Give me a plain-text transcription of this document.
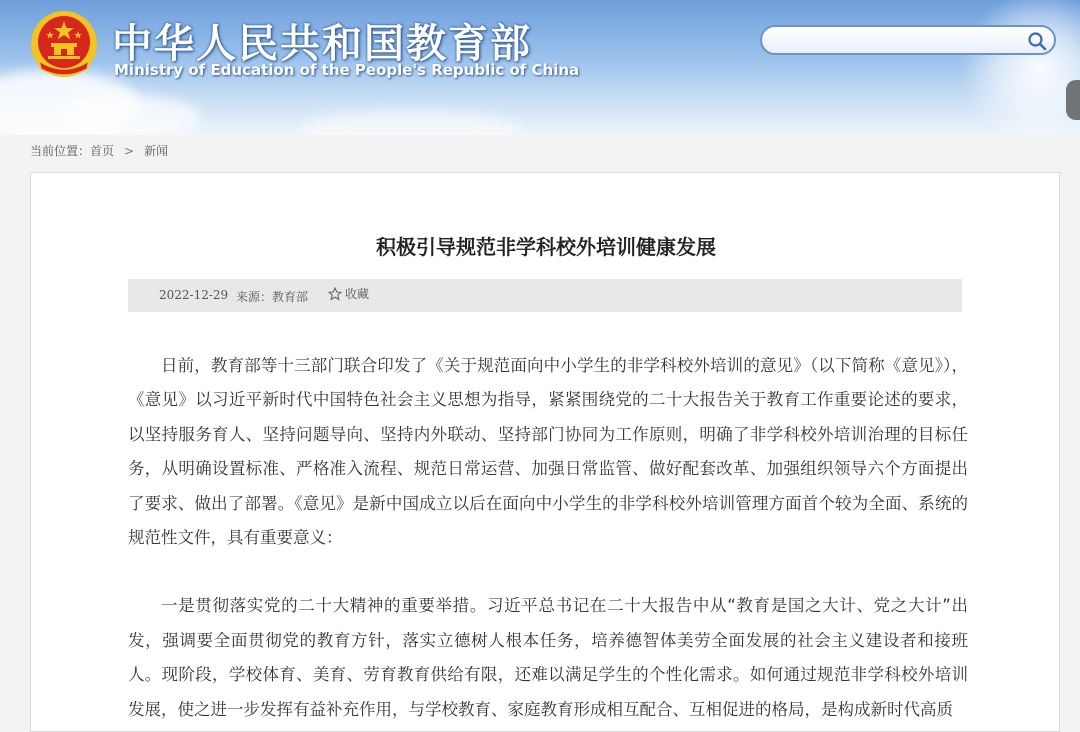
中华人民共和国教育部
Ministry of Education of the People's Republic of China
当前位置：首页 > 新闻
积极引导规范非学科校外培训健康发展
2022-12-29 来源：教育部	收藏

日前，教育部等十三部门联合印发了《关于规范面向中小学生的非学科校外培训的意见》（以下简称《意见》），《意见》以习近平新时代中国特色社会主义思想为指导，紧紧围绕党的二十大报告关于教育工作重要论述的要求，以坚持服务育人、坚持问题导向、坚持内外联动、坚持部门协同为工作原则，明确了非学科校外培训治理的目标任务，从明确设置标准、严格准入流程、规范日常运营、加强日常监管、做好配套改革、加强组织领导六个方面提出了要求、做出了部署。《意见》是新中国成立以后在面向中小学生的非学科校外培训管理方面首个较为全面、系统的规范性文件，具有重要意义：

一是贯彻落实党的二十大精神的重要举措。习近平总书记在二十大报告中从“教育是国之大计、党之大计”出发，强调要全面贯彻党的教育方针，落实立德树人根本任务，培养德智体美劳全面发展的社会主义建设者和接班人。现阶段，学校体育、美育、劳育教育供给有限，还难以满足学生的个性化需求。如何通过规范非学科校外培训发展，使之进一步发挥有益补充作用，与学校教育、家庭教育形成相互配合、互相促进的格局，是构成新时代高质
